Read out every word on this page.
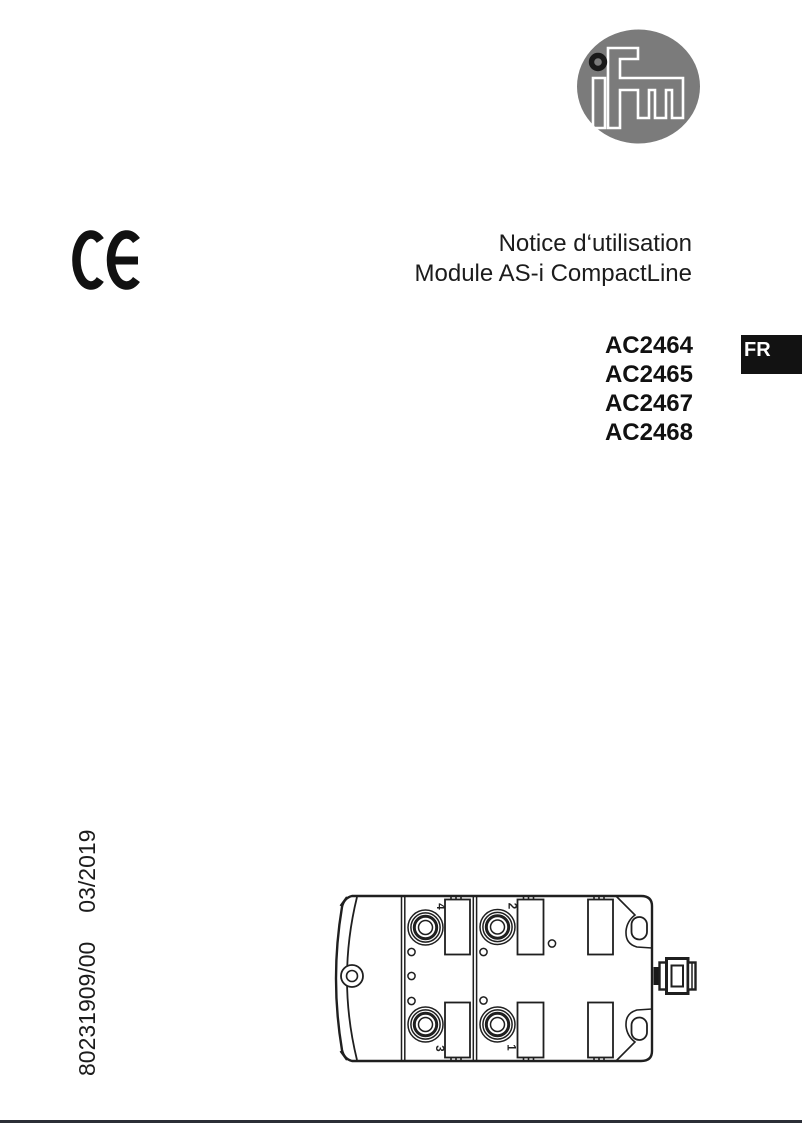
Notice d‘utilisation
Module AS-i CompactLine
AC2464
AC2465
AC2467
AC2468
FR
80231909/0003/2019	4	2
3	1
